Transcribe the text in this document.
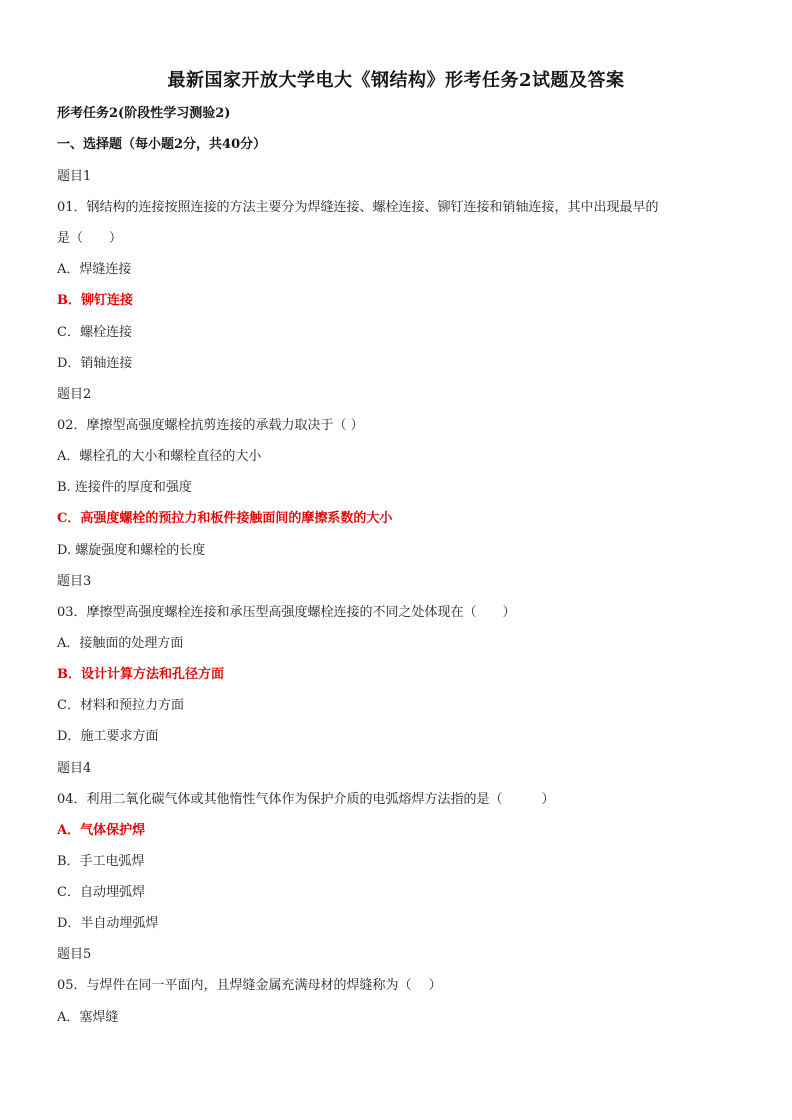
最新国家开放大学电大《钢结构》形考任务2试题及答案
形考任务2(阶段性学习测验2)
一、选择题（每小题2分，共40分）
题目1
01．钢结构的连接按照连接的方法主要分为焊缝连接、螺栓连接、铆钉连接和销轴连接，其中出现最早的
是（　　）
A．焊缝连接
B．铆钉连接
C．螺栓连接
D．销轴连接
题目2
02．摩擦型高强度螺栓抗剪连接的承载力取决于（ ）
A．螺栓孔的大小和螺栓直径的大小
B. 连接件的厚度和强度
C．高强度螺栓的预拉力和板件接触面间的摩擦系数的大小
D. 螺旋强度和螺栓的长度
题目3
03．摩擦型高强度螺栓连接和承压型高强度螺栓连接的不同之处体现在（　　）
A．接触面的处理方面
B．设计计算方法和孔径方面
C．材料和预拉力方面
D．施工要求方面
题目4
04．利用二氧化碳气体或其他惰性气体作为保护介质的电弧熔焊方法指的是（　　　）
A．气体保护焊
B．手工电弧焊
C．自动埋弧焊
D．半自动埋弧焊
题目5
05．与焊件在同一平面内，且焊缝金属充满母材的焊缝称为（　 ）
A．塞焊缝
